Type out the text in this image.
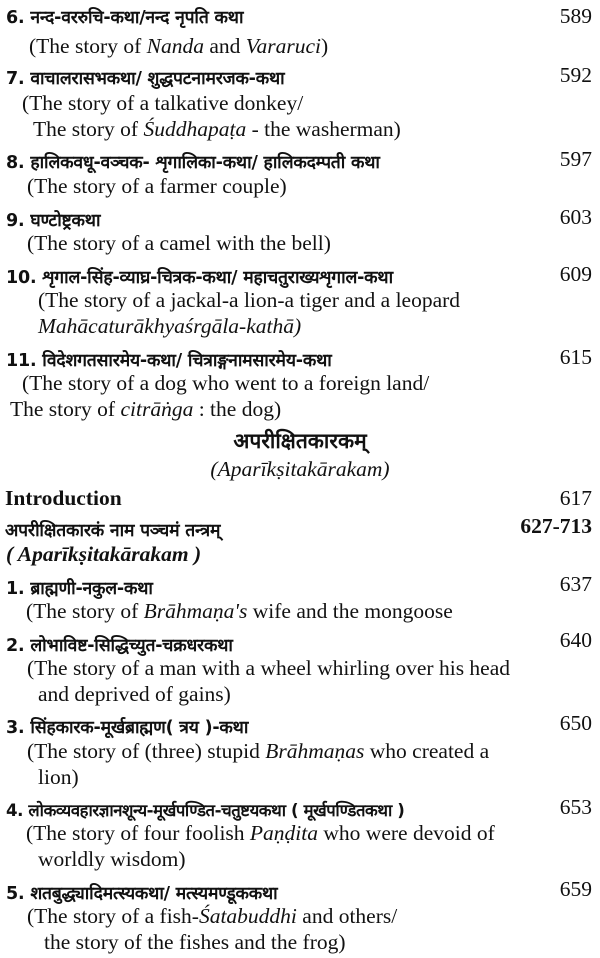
6. नन्द-वररुचि-कथा/नन्द नृपति कथा	589
(The story of Nanda and Vararuci)
7. वाचालरासभकथा/ शुद्धपटनामरजक-कथा	592
(The story of a talkative donkey/
The story of Śuddhapaṭa - the washerman)
8. हालिकवधू-वञ्चक- शृगालिका-कथा/ हालिकदम्पती कथा	597
(The story of a farmer couple)
9. घण्टोष्ट्रकथा	603
(The story of a camel with the bell)
10. शृगाल-सिंह-व्याघ्र-चित्रक-कथा/ महाचतुराख्यशृगाल-कथा	609
(The story of a jackal-a lion-a tiger and a leopard
Mahācaturākhyaśrgāla-kathā)
11. विदेशगतसारमेय-कथा/ चित्राङ्गनामसारमेय-कथा	615
(The story of a dog who went to a foreign land/
The story of citrāṅga : the dog)
अपरीक्षितकारकम्
(Aparīkṣitakārakam)
Introduction	617
अपरीक्षितकारकं नाम पञ्चमं तन्त्रम्	627-713
( Aparīkṣitakārakam )
1. ब्राह्मणी-नकुल-कथा	637
(The story of Brāhmaṇa's wife and the mongoose
2. लोभाविष्ट-सिद्धिच्युत-चक्रधरकथा	640
(The story of a man with a wheel whirling over his head
and deprived of gains)
3. सिंहकारक-मूर्खब्राह्मण( त्रय )-कथा	650
(The story of (three) stupid Brāhmaṇas who created a
lion)
4. लोकव्यवहारज्ञानशून्य-मूर्खपण्डित-चतुष्टयकथा ( मूर्खपण्डितकथा )	653
(The story of four foolish Paṇḍita who were devoid of
worldly wisdom)
5. शतबुद्ध्यादिमत्स्यकथा/ मत्स्यमण्डूककथा	659
(The story of a fish-Śatabuddhi and others/
the story of the fishes and the frog)
